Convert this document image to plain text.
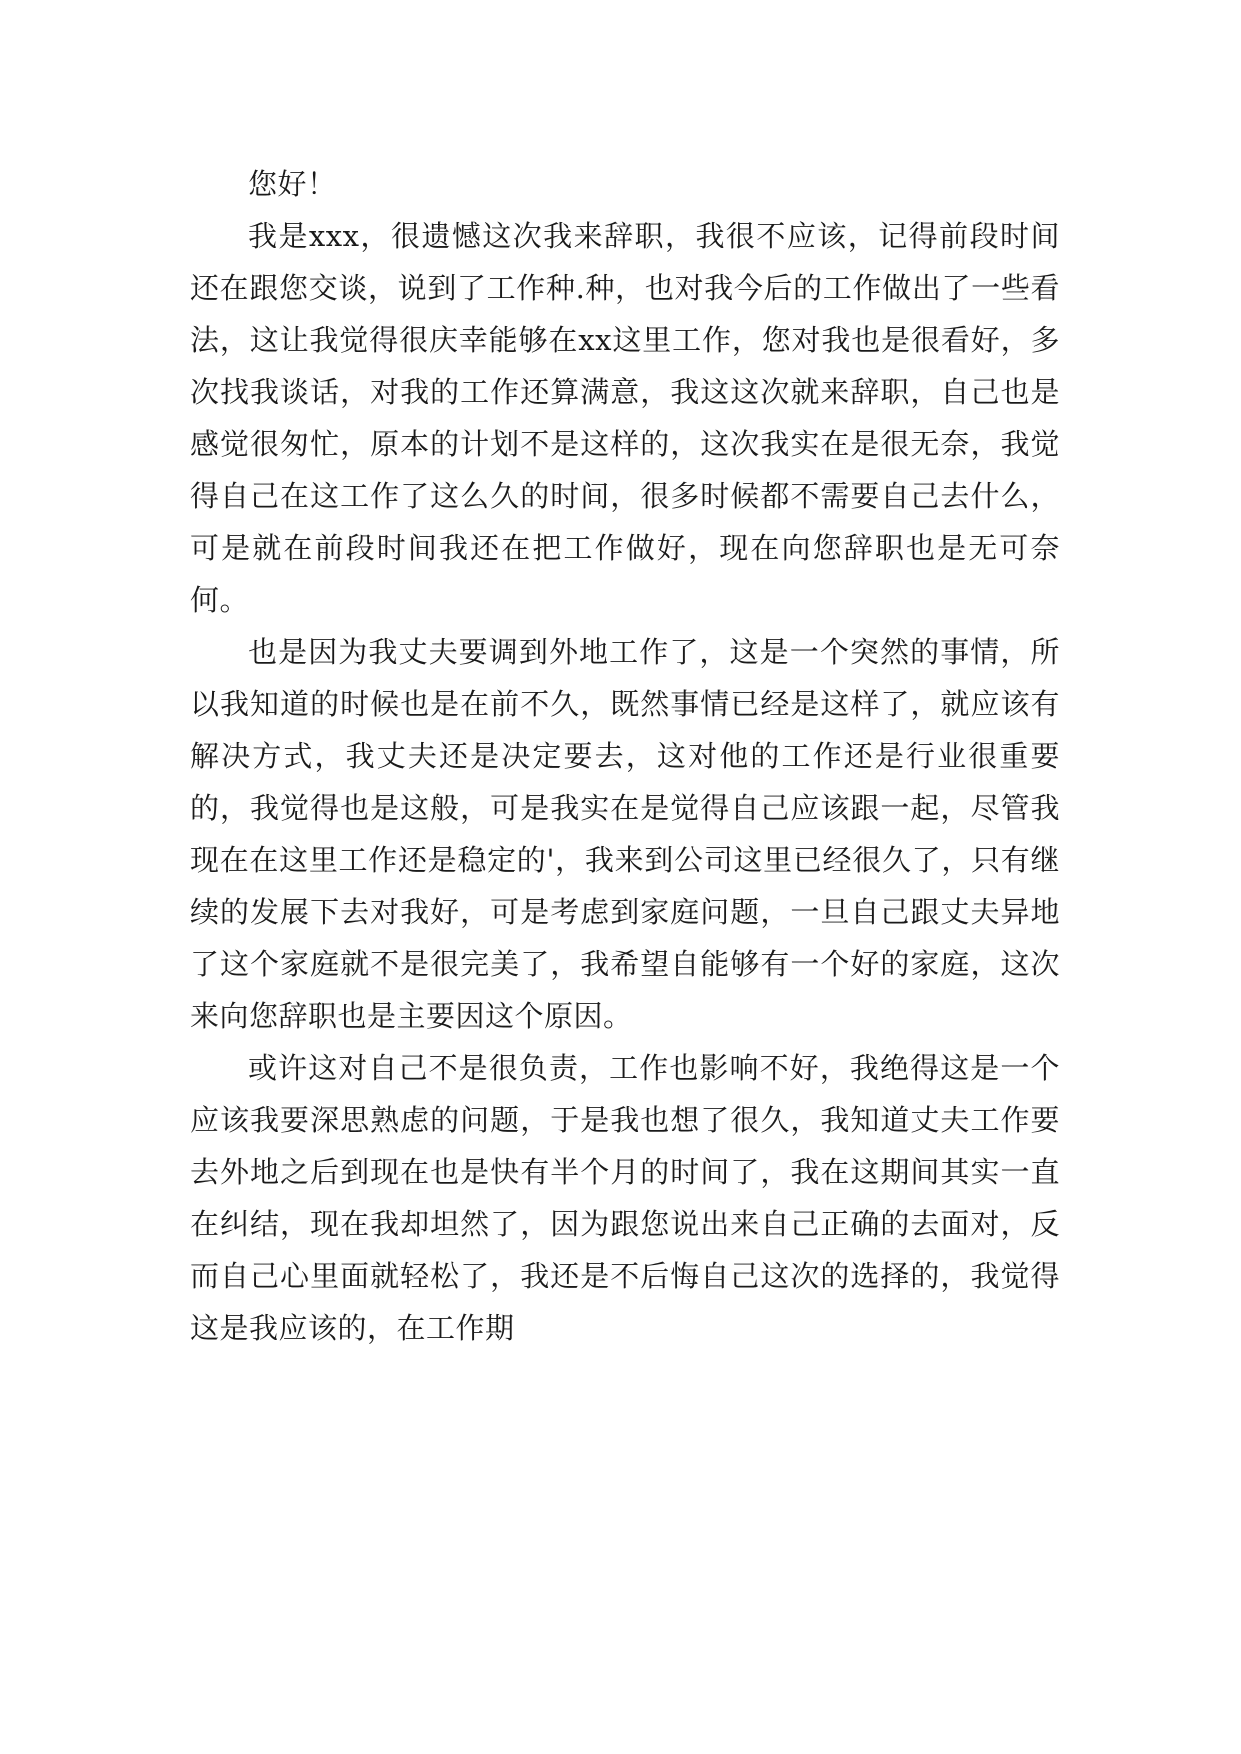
您好！

我是xxx，很遗憾这次我来辞职，我很不应该，记得前段时间还在跟您交谈，说到了工作种.种，也对我今后的工作做出了一些看法，这让我觉得很庆幸能够在xx这里工作，您对我也是很看好，多次找我谈话，对我的工作还算满意，我这这次就来辞职，自己也是感觉很匆忙，原本的计划不是这样的，这次我实在是很无奈，我觉得自己在这工作了这么久的时间，很多时候都不需要自己去什么，可是就在前段时间我还在把工作做好，现在向您辞职也是无可奈何。

也是因为我丈夫要调到外地工作了，这是一个突然的事情，所以我知道的时候也是在前不久，既然事情已经是这样了，就应该有解决方式，我丈夫还是决定要去，这对他的工作还是行业很重要的，我觉得也是这般，可是我实在是觉得自己应该跟一起，尽管我现在在这里工作还是稳定的'，我来到公司这里已经很久了，只有继续的发展下去对我好，可是考虑到家庭问题，一旦自己跟丈夫异地了这个家庭就不是很完美了，我希望自能够有一个好的家庭，这次来向您辞职也是主要因这个原因。

或许这对自己不是很负责，工作也影响不好，我绝得这是一个应该我要深思熟虑的问题，于是我也想了很久，我知道丈夫工作要去外地之后到现在也是快有半个月的时间了，我在这期间其实一直在纠结，现在我却坦然了，因为跟您说出来自己正确的去面对，反而自己心里面就轻松了，我还是不后悔自己这次的选择的，我觉得这是我应该的，在工作期
